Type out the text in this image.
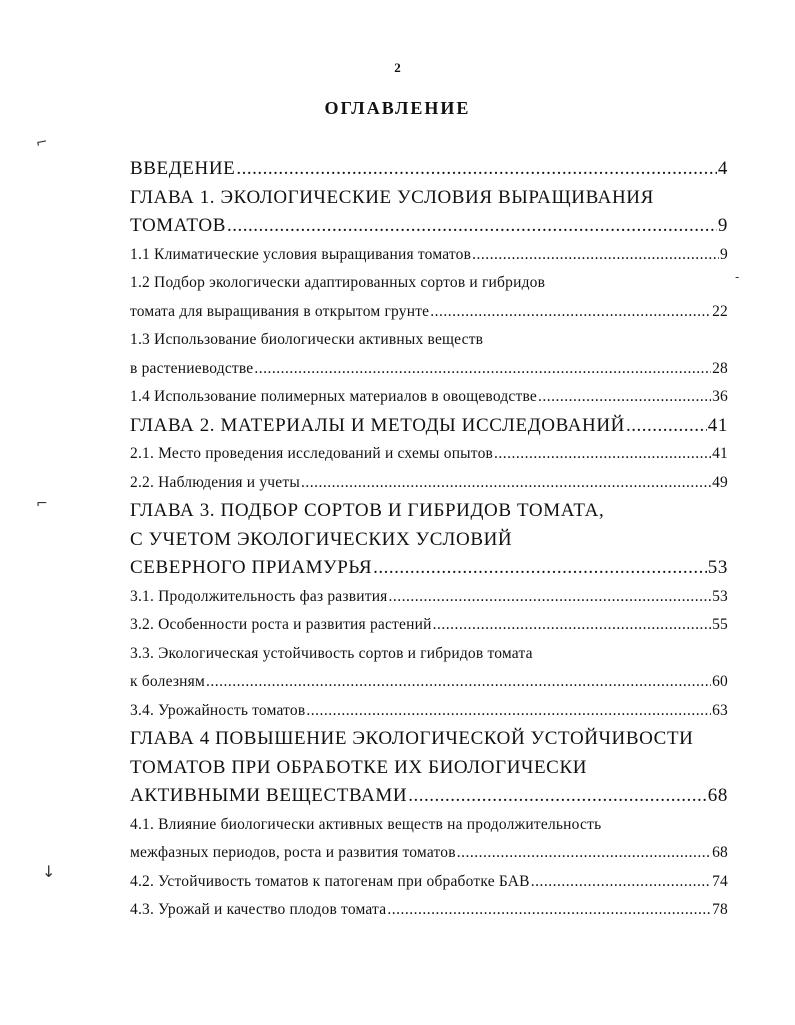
2
ОГЛАВЛЕНИЕ
ВВЕДЕНИЕ .....	4
ГЛАВА 1. ЭКОЛОГИЧЕСКИЕ УСЛОВИЯ ВЫРАЩИВАНИЯ
ТОМАТОВ .....	9
1.1 Климатические условия выращивания томатов .....	9
1.2 Подбор экологически адаптированных сортов и гибридов
томата для выращивания в открытом грунте .....	22
1.3 Использование биологически активных веществ
в растениеводстве .....	28
1.4 Использование полимерных материалов в овощеводстве .....	36
ГЛАВА 2. МАТЕРИАЛЫ И МЕТОДЫ ИССЛЕДОВАНИЙ .....	41
2.1. Место проведения исследований и схемы опытов .....	41
2.2. Наблюдения и учеты .....	49
ГЛАВА 3. ПОДБОР СОРТОВ И ГИБРИДОВ ТОМАТА,
С УЧЕТОМ ЭКОЛОГИЧЕСКИХ УСЛОВИЙ
СЕВЕРНОГО ПРИАМУРЬЯ .....	53
3.1. Продолжительность фаз развития .....	53
3.2. Особенности роста и развития растений .....	55
3.3. Экологическая устойчивость сортов и гибридов томата
к болезням .....	60
3.4. Урожайность томатов .....	63
ГЛАВА 4 ПОВЫШЕНИЕ ЭКОЛОГИЧЕСКОЙ УСТОЙЧИВОСТИ
ТОМАТОВ ПРИ ОБРАБОТКЕ ИХ БИОЛОГИЧЕСКИ
АКТИВНЫМИ ВЕЩЕСТВАМИ .....	68
4.1. Влияние биологически активных веществ на продолжительность
межфазных периодов, роста и развития томатов .....	68
4.2. Устойчивость томатов к патогенам при обработке БАВ .....	74
4.3. Урожай и качество плодов томата .....	78
⌐
⌐
↓
-
